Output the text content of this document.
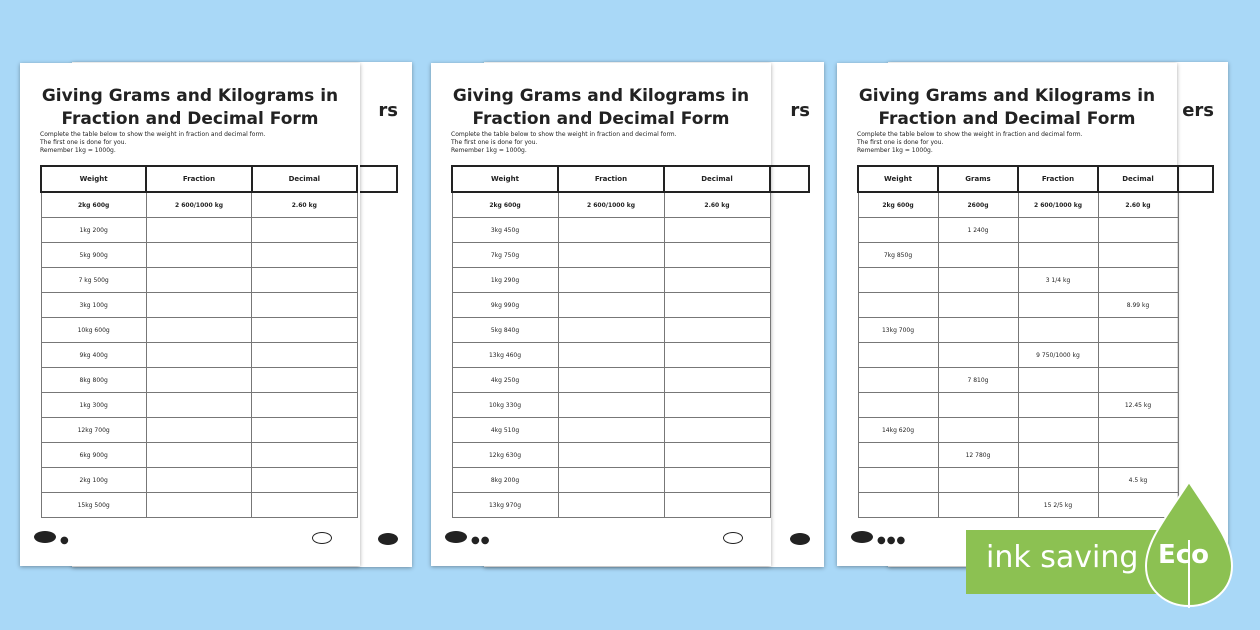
rs	rs	ers
Giving Grams and Kilograms in Fraction and Decimal Form
Complete the table below to show the weight in fraction and decimal form.
The first one is done for you.
Remember 1kg = 1000g.
Weight	Fraction	Decimal
2kg 600g	2 600/1000 kg	2.60 kg
1kg 200g		
5kg 900g		
7 kg 500g		
3kg 100g		
10kg 600g		
9kg 400g		
8kg 800g		
1kg 300g		
12kg 700g		
6kg 900g		
2kg 100g		
15kg 500g		
●
Giving Grams and Kilograms in Fraction and Decimal Form
Complete the table below to show the weight in fraction and decimal form.
The first one is done for you.
Remember 1kg = 1000g.
Weight	Fraction	Decimal
2kg 600g	2 600/1000 kg	2.60 kg
3kg 450g		
7kg 750g		
1kg 290g		
9kg 990g		
5kg 840g		
13kg 460g		
4kg 250g		
10kg 330g		
4kg 510g		
12kg 630g		
8kg 200g		
13kg 970g		
●●
Giving Grams and Kilograms in Fraction and Decimal Form
Complete the table below to show the weight in fraction and decimal form.
The first one is done for you.
Remember 1kg = 1000g.
Weight	Grams	Fraction	Decimal
2kg 600g	2600g	2 600/1000 kg	2.60 kg
	1 240g		
7kg 850g			
		3 1/4 kg	
			8.99 kg
13kg 700g			
		9 750/1000 kg	
	7 810g		
			12.45 kg
14kg 620g			
	12 780g		
			4.5 kg
		15 2/5 kg	
●●●	ink saving Eco
